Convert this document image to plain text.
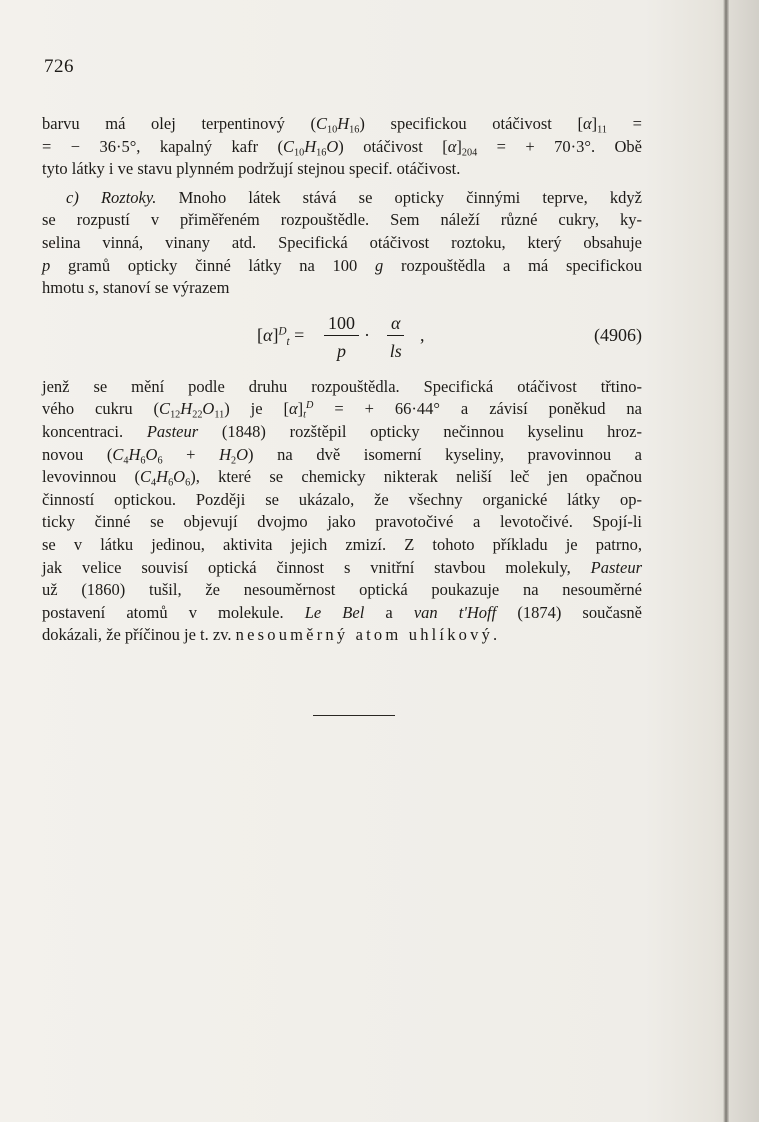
726

barvu má olej terpentinový $(C_{10}H_{16})$ specifickou otáčivost $[\alpha]_{11}$ =
= − 36·5°, kapalný kafr $(C_{10}H_{16}O)$ otáčivost $[\alpha]_{204}$ = + 70·3°. Obě
tyto látky i ve stavu plynném podržují stejnou specif. otáčivost.

c) Roztoky. Mnoho látek stává se opticky činnými teprve, když
se rozpustí v přiměřeném rozpouštědle. Sem náleží různé cukry, ky-
selina vinná, vinany atd. Specifická otáčivost roztoku, který obsahuje
p gramů opticky činné látky na 100 g rozpouštědla a má specifickou
hmotu s, stanoví se výrazem

$[\alpha]^D_t = \frac{100}{p} \cdot \frac{\alpha}{ls}$ ,	(4906)

jenž se mění podle druhu rozpouštědla. Specifická otáčivost třtino-
vého cukru $(C_{12}H_{22}O_{11})$ je $[\alpha]_t^D$ = + 66·44° a závisí poněkud na
koncentraci. Pasteur (1848) rozštěpil opticky nečinnou kyselinu hroz-
novou $(C_4H_6O_6 + H_2O)$ na dvě isomerní kyseliny, pravovinnou a
levovinnou $(C_4H_6O_6)$, které se chemicky nikterak neliší leč jen opačnou
činností optickou. Později se ukázalo, že všechny organické látky op-
ticky činné se objevují dvojmo jako pravotočivé a levotočivé. Spojí-li
se v látku jedinou, aktivita jejich zmizí. Z tohoto příkladu je patrno,
jak velice souvisí optická činnost s vnitřní stavbou molekuly, Pasteur
už (1860) tušil, že nesouměrnost optická poukazuje na nesouměrné
postavení atomů v molekule. Le Bel a van t'Hoff (1874) současně
dokázali, že příčinou je t. zv. nesouměrný atom uhlíkový.
